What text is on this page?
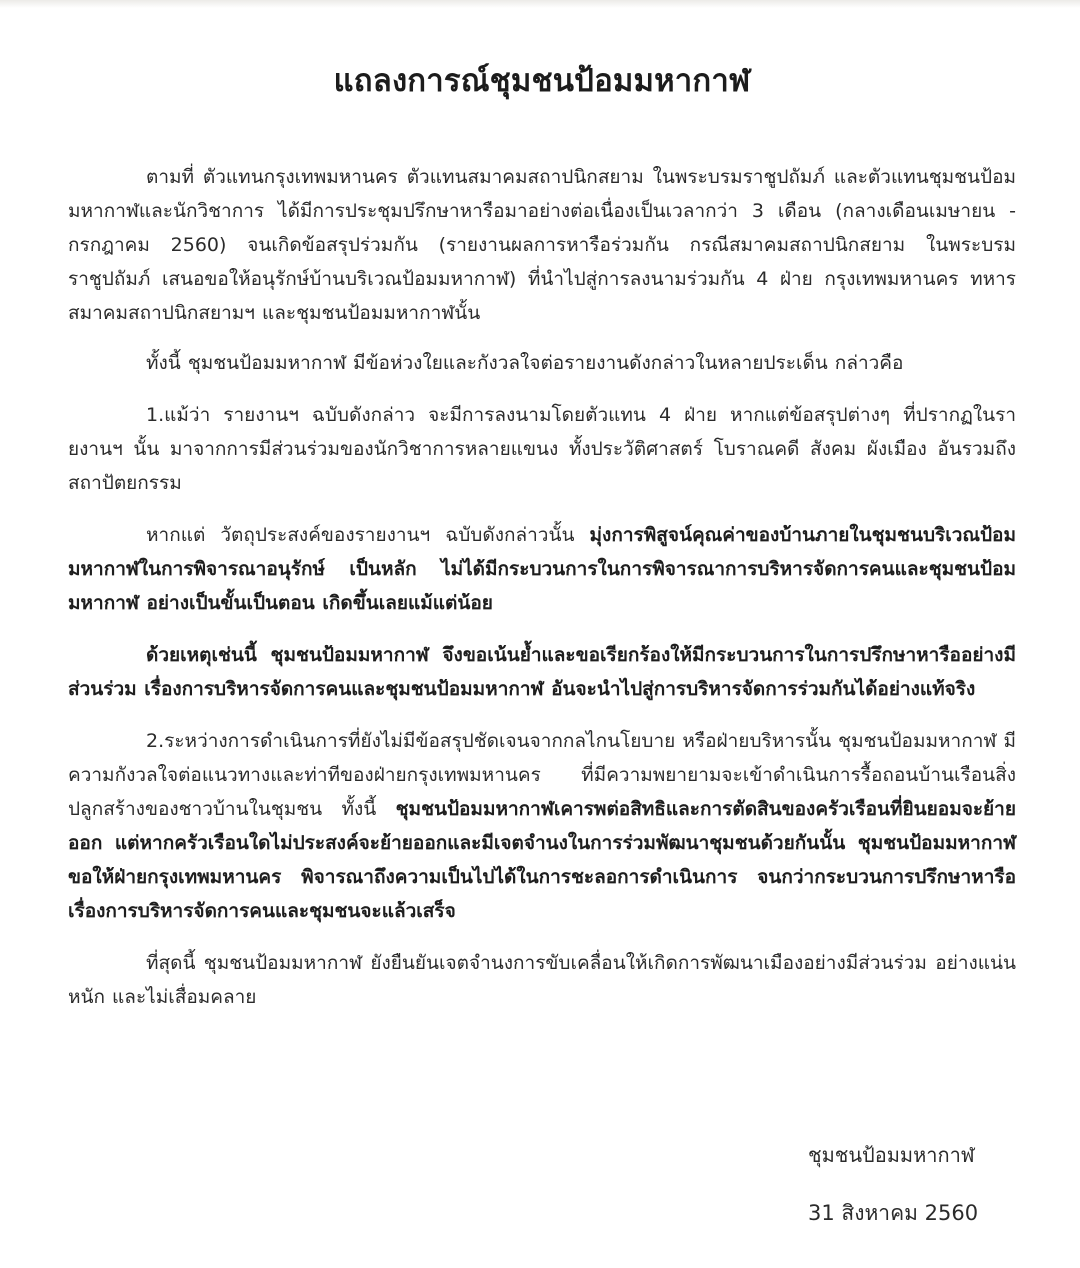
แถลงการณ์ชุมชนป้อมมหากาฬ

ตามที่ ตัวแทนกรุงเทพมหานคร ตัวแทนสมาคมสถาปนิกสยาม ในพระบรมราชูปถัมภ์ และตัวแทนชุมชนป้อมมหากาฬและนักวิชาการ ได้มีการประชุมปรึกษาหารือมาอย่างต่อเนื่องเป็นเวลากว่า 3 เดือน (กลางเดือนเมษายน - กรกฎาคม 2560) จนเกิดข้อสรุปร่วมกัน (รายงานผลการหารือร่วมกัน กรณีสมาคมสถาปนิกสยาม ในพระบรมราชูปถัมภ์ เสนอขอให้อนุรักษ์บ้านบริเวณป้อมมหากาฬ) ที่นำไปสู่การลงนามร่วมกัน 4 ฝ่าย กรุงเทพมหานคร ทหาร สมาคมสถาปนิกสยามฯ และชุมชนป้อมมหากาฬนั้น

ทั้งนี้ ชุมชนป้อมมหากาฬ มีข้อห่วงใยและกังวลใจต่อรายงานดังกล่าวในหลายประเด็น กล่าวคือ

1.แม้ว่า รายงานฯ ฉบับดังกล่าว จะมีการลงนามโดยตัวแทน 4 ฝ่าย หากแต่ข้อสรุปต่างๆ ที่ปรากฏในรายงานฯ นั้น มาจากการมีส่วนร่วมของนักวิชาการหลายแขนง ทั้งประวัติศาสตร์ โบราณคดี สังคม ผังเมือง อันรวมถึงสถาปัตยกรรม

หากแต่ วัตถุประสงค์ของรายงานฯ ฉบับดังกล่าวนั้น มุ่งการพิสูจน์คุณค่าของบ้านภายในชุมชนบริเวณป้อมมหากาฬในการพิจารณาอนุรักษ์ เป็นหลัก ไม่ได้มีกระบวนการในการพิจารณาการบริหารจัดการคนและชุมชนป้อมมหากาฬ อย่างเป็นขั้นเป็นตอน เกิดขึ้นเลยแม้แต่น้อย

ด้วยเหตุเช่นนี้ ชุมชนป้อมมหากาฬ จึงขอเน้นย้ำและขอเรียกร้องให้มีกระบวนการในการปรึกษาหารืออย่างมีส่วนร่วม เรื่องการบริหารจัดการคนและชุมชนป้อมมหากาฬ อันจะนำไปสู่การบริหารจัดการร่วมกันได้อย่างแท้จริง

2.ระหว่างการดำเนินการที่ยังไม่มีข้อสรุปชัดเจนจากกลไกนโยบาย หรือฝ่ายบริหารนั้น ชุมชนป้อมมหากาฬ มีความกังวลใจต่อแนวทางและท่าทีของฝ่ายกรุงเทพมหานคร ที่มีความพยายามจะเข้าดำเนินการรื้อถอนบ้านเรือนสิ่งปลูกสร้างของชาวบ้านในชุมชน ทั้งนี้ ชุมชนป้อมมหากาฬเคารพต่อสิทธิและการตัดสินของครัวเรือนที่ยินยอมจะย้ายออก แต่หากครัวเรือนใดไม่ประสงค์จะย้ายออกและมีเจตจำนงในการร่วมพัฒนาชุมชนด้วยกันนั้น ชุมชนป้อมมหากาฬ ขอให้ฝ่ายกรุงเทพมหานคร พิจารณาถึงความเป็นไปได้ในการชะลอการดำเนินการ จนกว่ากระบวนการปรึกษาหารือเรื่องการบริหารจัดการคนและชุมชนจะแล้วเสร็จ

ที่สุดนี้ ชุมชนป้อมมหากาฬ ยังยืนยันเจตจำนงการขับเคลื่อนให้เกิดการพัฒนาเมืองอย่างมีส่วนร่วม อย่างแน่นหนัก และไม่เสื่อมคลาย

ชุมชนป้อมมหากาฬ
31 สิงหาคม 2560
